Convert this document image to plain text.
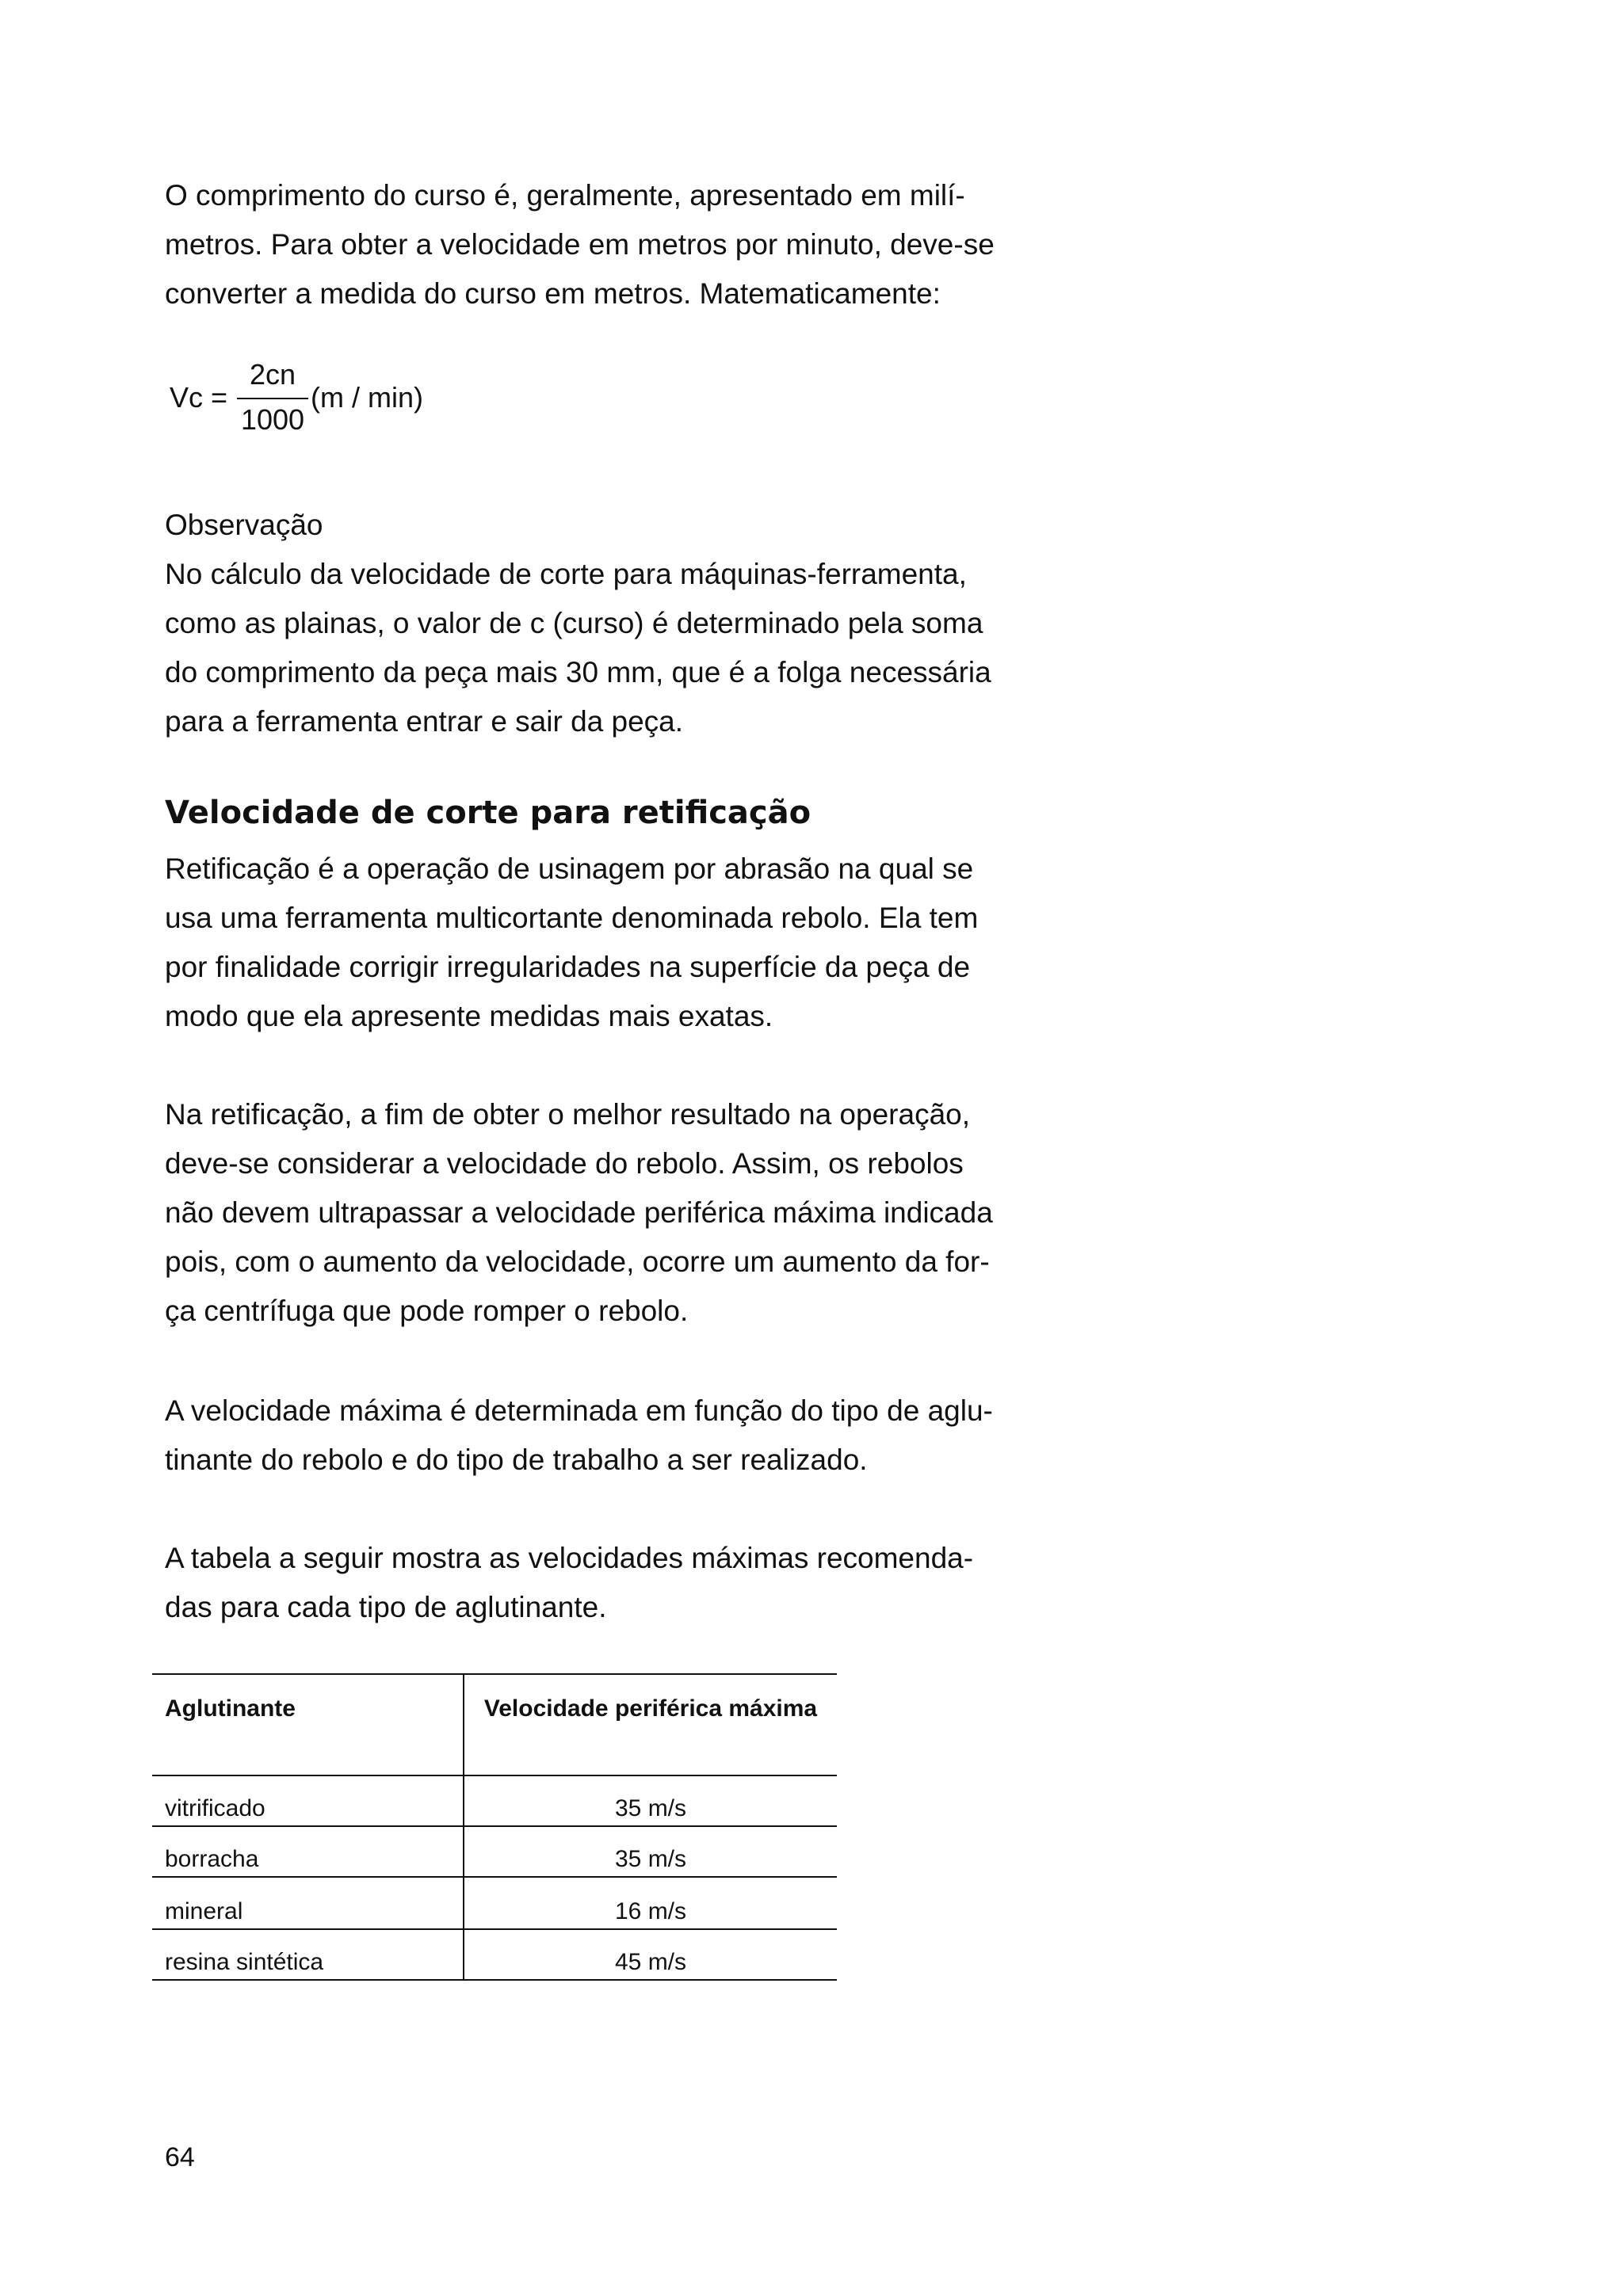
O comprimento do curso é, geralmente, apresentado em milí-
metros. Para obter a velocidade em metros por minuto, deve-se
converter a medida do curso em metros. Matematicamente:

Vc =
2cn
1000
(m / min)

Observação
No cálculo da velocidade de corte para máquinas-ferramenta,
como as plainas, o valor de c (curso) é determinado pela soma
do comprimento da peça mais 30 mm, que é a folga necessária
para a ferramenta entrar e sair da peça.

Velocidade de corte para retificação

Retificação é a operação de usinagem por abrasão na qual se
usa uma ferramenta multicortante denominada rebolo. Ela tem
por finalidade corrigir irregularidades na superfície da peça de
modo que ela apresente medidas mais exatas.

Na retificação, a fim de obter o melhor resultado na operação,
deve-se considerar a velocidade do rebolo. Assim, os rebolos
não devem ultrapassar a velocidade periférica máxima indicada
pois, com o aumento da velocidade, ocorre um aumento da for-
ça centrífuga que pode romper o rebolo.

A velocidade máxima é determinada em função do tipo de aglu-
tinante do rebolo e do tipo de trabalho a ser realizado.

A tabela a seguir mostra as velocidades máximas recomenda-
das para cada tipo de aglutinante.

Aglutinante	Velocidade periférica máxima
vitrificado	35 m/s
borracha	35 m/s
mineral	16 m/s
resina sintética	45 m/s

64
